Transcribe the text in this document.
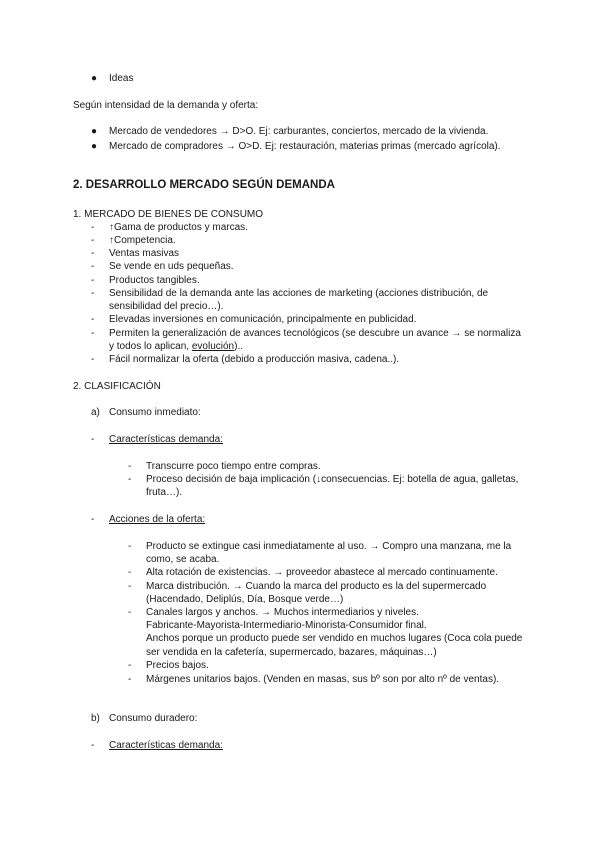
● Ideas
Según intensidad de la demanda y oferta:
● Mercado de vendedores → D>O. Ej: carburantes, conciertos, mercado de la vivienda.
● Mercado de compradores → O>D. Ej: restauración, materias primas (mercado agrícola).
2. DESARROLLO MERCADO SEGÚN DEMANDA
1. MERCADO DE BIENES DE CONSUMO
- ↑Gama de productos y marcas.
- ↑Competencia.
- Ventas masivas
- Se vende en uds pequeñas.
- Productos tangibles.
- Sensibilidad de la demanda ante las acciones de marketing (acciones distribución, de
sensibilidad del precio…).
- Elevadas inversiones en comunicación, principalmente en publicidad.
- Permiten la generalización de avances tecnológicos (se descubre un avance → se normaliza
y todos lo aplican, evolución)..
- Fácil normalizar la oferta (debido a producción masiva, cadena..).
2. CLASIFICACIÓN
a) Consumo inmediato:
- Características demanda:
- Transcurre poco tiempo entre compras.
- Proceso decisión de baja implicación (↓consecuencias. Ej: botella de agua, galletas,
fruta…).
- Acciones de la oferta:
- Producto se extingue casi inmediatamente al uso. → Compro una manzana, me la
como, se acaba.
- Alta rotación de existencias. → proveedor abastece al mercado continuamente.
- Marca distribución. → Cuando la marca del producto es la del supermercado
(Hacendado, Deliplús, Día, Bosque verde…)
- Canales largos y anchos. → Muchos intermediarios y niveles.
Fabricante-Mayorista-Intermediario-Minorista-Consumidor final.
Anchos porque un producto puede ser vendido en muchos lugares (Coca cola puede
ser vendida en la cafetería, supermercado, bazares, máquinas…)
- Precios bajos.
- Márgenes unitarios bajos. (Venden en masas, sus bº son por alto nº de ventas).
b) Consumo duradero:
- Características demanda:
